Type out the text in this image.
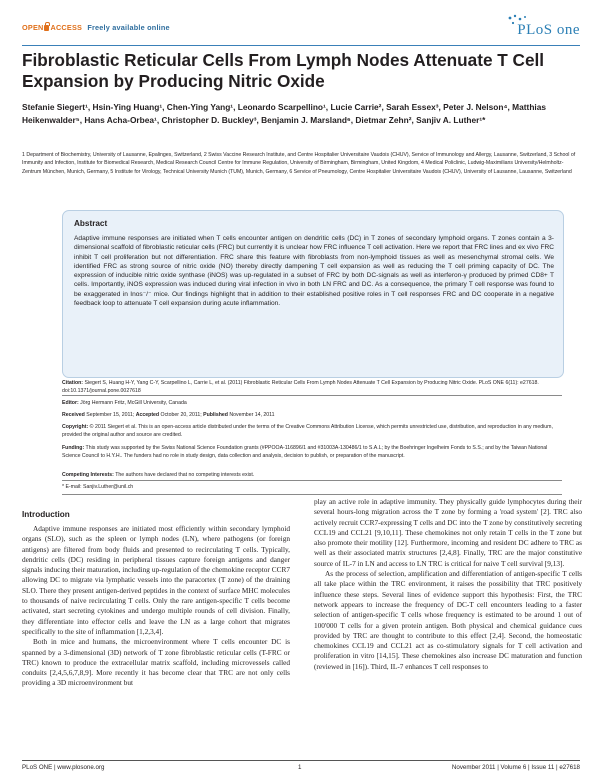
OPEN ACCESS Freely available online	PLoS one
Fibroblastic Reticular Cells From Lymph Nodes Attenuate T Cell Expansion by Producing Nitric Oxide
Stefanie Siegert¹, Hsin-Ying Huang¹, Chen-Ying Yang¹, Leonardo Scarpellino¹, Lucie Carrie², Sarah Essex³, Peter J. Nelson⁴, Matthias Heikenwalder⁵, Hans Acha-Orbea¹, Christopher D. Buckley³, Benjamin J. Marsland⁶, Dietmar Zehn², Sanjiv A. Luther¹*
1 Department of Biochemistry, University of Lausanne, Epalinges, Switzerland, 2 Swiss Vaccine Research Institute, and Centre Hospitalier Universitaire Vaudois (CHUV), Service of Immunology and Allergy, Lausanne, Switzerland, 3 School of Immunity and Infection, Institute for Biomedical Research, Medical Research Council Centre for Immune Regulation, University of Birmingham, Birmingham, United Kingdom, 4 Medical Policlinic, Ludwig-Maximilians University/Helmholtz-Zentrum München, Munich, Germany, 5 Institute for Virology, Technical University Munich (TUM), Munich, Germany, 6 Service of Pneumology, Centre Hospitalier Universitaire Vaudois (CHUV), University of Lausanne, Lausanne, Switzerland
Abstract
Adaptive immune responses are initiated when T cells encounter antigen on dendritic cells (DC) in T zones of secondary lymphoid organs. T zones contain a 3-dimensional scaffold of fibroblastic reticular cells (FRC) but currently it is unclear how FRC influence T cell activation. Here we report that FRC lines and ex vivo FRC inhibit T cell proliferation but not differentiation. FRC share this feature with fibroblasts from non-lymphoid tissues as well as mesenchymal stromal cells. We identified FRC as strong source of nitric oxide (NO) thereby directly dampening T cell expansion as well as reducing the T cell priming capacity of DC. The expression of inducible nitric oxide synthase (iNOS) was up-regulated in a subset of FRC by both DC-signals as well as interferon-γ produced by primed CD8+ T cells. Importantly, iNOS expression was induced during viral infection in vivo in both LN FRC and DC. As a consequence, the primary T cell response was found to be exaggerated in Inos⁻/⁻ mice. Our findings highlight that in addition to their established positive roles in T cell responses FRC and DC cooperate in a negative feedback loop to attenuate T cell expansion during acute inflammation.
Citation: Siegert S, Huang H-Y, Yang C-Y, Scarpellino L, Carrie L, et al. (2011) Fibroblastic Reticular Cells From Lymph Nodes Attenuate T Cell Expansion by Producing Nitric Oxide. PLoS ONE 6(11): e27618. doi:10.1371/journal.pone.0027618
Editor: Jörg Hermann Fritz, McGill University, Canada
Received September 15, 2011; Accepted October 20, 2011; Published November 14, 2011
Copyright: © 2011 Siegert et al. This is an open-access article distributed under the terms of the Creative Commons Attribution License, which permits unrestricted use, distribution, and reproduction in any medium, provided the original author and source are credited.
Funding: This study was supported by the Swiss National Science Foundation grants (#PPOOA-116896/1 and #31003A-130486/1 to S.A.L; by the Boehringer Ingelheim Fonds to S.S.; and by the Taiwan National Science Council to H.Y.H.. The funders had no role in study design, data collection and analysis, decision to publish, or preparation of the manuscript.
Competing Interests: The authors have declared that no competing interests exist.
* E-mail: Sanjiv.Luther@unil.ch
Introduction

Adaptive immune responses are initiated most efficiently within secondary lymphoid organs (SLO), such as the spleen or lymph nodes (LN), where pathogens (or foreign antigens) are filtered from body fluids and presented to recirculating T cells. Typically, dendritic cells (DC) residing in peripheral tissues capture foreign antigens and danger signals inducing their maturation, including up-regulation of the chemokine receptor CCR7 allowing DC to migrate via lymphatic vessels into the paracortex (T zone) of the draining SLO. There they present antigen-derived peptides in the context of surface MHC molecules to thousands of naive recirculating T cells. Only the rare antigen-specific T cells become activated, start secreting cytokines and undergo multiple rounds of cell division. Finally, they differentiate into effector cells and leave the LN as a large cohort that migrates specifically to the site of inflammation [1,2,3,4].

Both in mice and humans, the microenvironment where T cells encounter DC is spanned by a 3-dimensional (3D) network of T zone fibroblastic reticular cells (T-FRC or TRC) known to produce the extracellular matrix scaffold, including microvessels called conduits [2,4,5,6,7,8,9]. More recently it has become clear that TRC are not only cells providing a 3D microenvironment but

play an active role in adaptive immunity. They physically guide lymphocytes during their several hours-long migration across the T zone by forming a 'road system' [2]. TRC also actively recruit CCR7-expressing T cells and DC into the T zone by constitutively secreting CCL19 and CCL21 [9,10,11]. These chemokines not only retain T cells in the T zone but also promote their motility [12]. Furthermore, incoming and resident DC adhere to TRC as well as their associated matrix structures [2,4,8]. Finally, TRC are the major constitutive source of IL-7 in LN and access to LN TRC is critical for naive T cell survival [9,13].

As the process of selection, amplification and differentiation of antigen-specific T cells all take place within the TRC environment, it raises the possibility that TRC positively influence these steps. Several lines of evidence support this hypothesis: First, the TRC network appears to increase the frequency of DC-T cell encounters leading to a faster selection of antigen-specific T cells whose frequency is estimated to be around 1 out of 100'000 T cells for a given protein antigen. Both physical and chemical guidance cues provided by TRC are thought to contribute to this effect [2,4]. Second, the homeostatic chemokines CCL19 and CCL21 act as co-stimulatory signals for T cell activation and proliferation in vitro [14,15]. These chemokines also increase DC maturation and function (reviewed in [16]). Third, IL-7 enhances T cell responses to

PLoS ONE | www.plosone.org	1	November 2011 | Volume 6 | Issue 11 | e27618
